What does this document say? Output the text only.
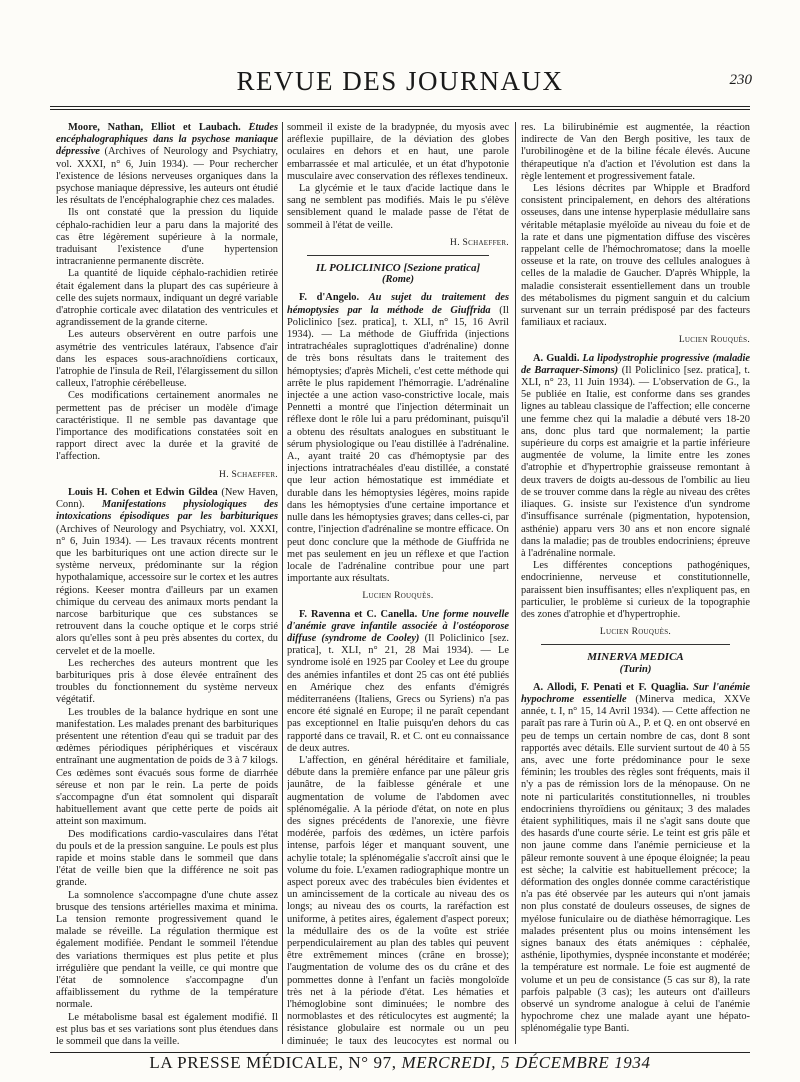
REVUE DES JOURNAUX	230

Moore, Nathan, Elliot et Laubach. Études encéphalographiques dans la psychose maniaque dépressive (Archives of Neurology and Psychiatry, vol. XXXI, n° 6, Juin 1934). — Pour rechercher l'existence de lésions nerveuses organiques dans la psychose maniaque dépressive, les auteurs ont étudié les résultats de l'encéphalographie chez ces malades.

Ils ont constaté que la pression du liquide céphalo-rachidien leur a paru dans la majorité des cas être légèrement supérieure à la normale, traduisant l'existence d'une hypertension intracranienne permanente discrète.

La quantité de liquide céphalo-rachidien retirée était également dans la plupart des cas supérieure à celle des sujets normaux, indiquant un degré variable d'atrophie corticale avec dilatation des ventricules et agrandissement de la grande citerne.

Les auteurs observèrent en outre parfois une asymétrie des ventricules latéraux, l'absence d'air dans les espaces sous-arachnoïdiens corticaux, l'atrophie de l'insula de Reil, l'élargissement du sillon calleux, l'atrophie cérébelleuse.

Ces modifications certainement anormales ne permettent pas de préciser un modèle d'image caractéristique. Il ne semble pas davantage que l'importance des modifications constatées soit en rapport direct avec la durée et la gravité de l'affection.

H. Schaeffer.

Louis H. Cohen et Edwin Gildea (New Haven, Conn). Manifestations physiologiques des intoxications épisodiques par les barbituriques (Archives of Neurology and Psychiatry, vol. XXXI, n° 6, Juin 1934). — Les travaux récents montrent que les barbituriques ont une action directe sur le système nerveux, prédominante sur la région hypothalamique, accessoire sur le cortex et les autres régions. Keeser montra d'ailleurs par un examen chimique du cerveau des animaux morts pendant la narcose barbiturique que ces substances se retrouvent dans la couche optique et le corps strié alors qu'elles sont à peu près absentes du cortex, du cervelet et de la moelle.

Les recherches des auteurs montrent que les barbituriques pris à dose élevée entraînent des troubles du fonctionnement du système nerveux végétatif.

Les troubles de la balance hydrique en sont une manifestation. Les malades prenant des barbituriques présentent une rétention d'eau qui se traduit par des œdèmes périodiques périphériques et viscéraux entraînant une augmentation de poids de 3 à 7 kilogs. Ces œdèmes sont évacués sous forme de diarrhée séreuse et non par le rein. La perte de poids s'accompagne d'un état somnolent qui disparaît habituellement avant que cette perte de poids ait atteint son maximum.

Des modifications cardio-vasculaires dans l'état du pouls et de la pression sanguine. Le pouls est plus rapide et moins stable dans le sommeil que dans l'état de veille bien que la différence ne soit pas grande.

La somnolence s'accompagne d'une chute assez brusque des tensions artérielles maxima et minima. La tension remonte progressivement quand le malade se réveille. La régulation thermique est également modifiée. Pendant le sommeil l'étendue des variations thermiques est plus petite et plus irrégulière que pendant la veille, ce qui montre que l'état de somnolence s'accompagne d'un affaiblissement du rythme de la température normale.

Le métabolisme basal est également modifié. Il est plus bas et ses variations sont plus étendues dans le sommeil que dans la veille.

sommeil il existe de la bradypnée, du myosis avec aréflexie pupillaire, de la déviation des globes oculaires en dehors et en haut, une parole embarrassée et mal articulée, et un état d'hypotonie musculaire avec conservation des réflexes tendineux.

La glycémie et le taux d'acide lactique dans le sang ne semblent pas modifiés. Mais le pu s'élève sensiblement quand le malade passe de l'état de sommeil à l'état de veille.

H. Schaeffer.
IL POLICLINICO [Sezione pratica]
(Rome)

F. d'Angelo. Au sujet du traitement des hémoptysies par la méthode de Giuffrida (Il Policlinico [sez. pratica], t. XLI, n° 15, 16 Avril 1934). — La méthode de Giuffrida (injections intratrachéales supraglottiques d'adrénaline) donne de très bons résultats dans le traitement des hémoptysies; d'après Micheli, c'est cette méthode qui arrête le plus rapidement l'hémorragie. L'adrénaline injectée a une action vaso-constrictive locale, mais Pennetti a montré que l'injection déterminait un réflexe dont le rôle lui a paru prédominant, puisqu'il a obtenu des résultats analogues en substituant le sérum physiologique ou l'eau distillée à l'adrénaline. A., ayant traité 20 cas d'hémoptysie par des injections intratrachéales d'eau distillée, a constaté que leur action hémostatique est immédiate et durable dans les hémoptysies légères, moins rapide dans les hémoptysies d'une certaine importance et nulle dans les hémoptysies graves; dans celles-ci, par contre, l'injection d'adrénaline se montre efficace. On peut donc conclure que la méthode de Giuffrida ne met pas seulement en jeu un réflexe et que l'action locale de l'adrénaline contribue pour une part importante aux résultats.

Lucien Rouquès.

F. Ravenna et C. Canella. Une forme nouvelle d'anémie grave infantile associée à l'ostéoporose diffuse (syndrome de Cooley) (Il Policlinico [sez. pratica], t. XLI, n° 21, 28 Mai 1934). — Le syndrome isolé en 1925 par Cooley et Lee du groupe des anémies infantiles et dont 25 cas ont été publiés en Amérique chez des enfants d'émigrés méditerranéens (Italiens, Grecs ou Syriens) n'a pas encore été signalé en Europe; il ne paraît cependant pas exceptionnel en Italie puisqu'en dehors du cas rapporté dans ce travail, R. et C. ont eu connaissance de deux autres.

L'affection, en général héréditaire et familiale, débute dans la première enfance par une pâleur gris jaunâtre, de la faiblesse générale et une augmentation de volume de l'abdomen avec splénomégalie. A la période d'état, on note en plus des signes précédents de l'anorexie, une fièvre modérée, parfois des œdèmes, un ictère parfois intense, parfois léger et manquant souvent, une achylie totale; la splénomégalie s'accroît ainsi que le volume du foie. L'examen radiographique montre un aspect poreux avec des trabécules bien évidentes et un amincissement de la corticale au niveau des os longs; au niveau des os courts, la raréfaction est uniforme, à petites aires, également d'aspect poreux; la médullaire des os de la voûte est striée perpendiculairement au plan des tables qui peuvent être extrêmement minces (crâne en brosse); l'augmentation de volume des os du crâne et des pommettes donne à l'enfant un faciès mongoloïde très net à la période d'état. Les hématies et l'hémoglobine sont diminuées; le nombre des normoblastes et des réticulocytes est augmenté; la résistance globulaire est normale ou un peu diminuée; le taux des leucocytes est normal ou

res. La bilirubinémie est augmentée, la réaction indirecte de Van den Bergh positive, les taux de l'urobilinogène et de la biline fécale élevés. Aucune thérapeutique n'a d'action et l'évolution est dans la règle lentement et progressivement fatale.

Les lésions décrites par Whipple et Bradford consistent principalement, en dehors des altérations osseuses, dans une intense hyperplasie médullaire sans véritable métaplasie myéloïde au niveau du foie et de la rate et dans une pigmentation diffuse des viscères rappelant celle de l'hémochromatose; dans la moelle osseuse et la rate, on trouve des cellules analogues à celles de la maladie de Gaucher. D'après Whipple, la maladie consisterait essentiellement dans un trouble des métabolismes du pigment sanguin et du calcium survenant sur un terrain prédisposé par des facteurs familiaux et raciaux.

Lucien Rouquès.

A. Gualdi. La lipodystrophie progressive (maladie de Barraquer-Simons) (Il Policlinico [sez. pratica], t. XLI, n° 23, 11 Juin 1934). — L'observation de G., la 5e publiée en Italie, est conforme dans ses grandes lignes au tableau classique de l'affection; elle concerne une femme chez qui la maladie a débuté vers 18-20 ans, donc plus tard que normalement; la partie supérieure du corps est amaigrie et la partie inférieure augmentée de volume, la limite entre les zones d'atrophie et d'hypertrophie graisseuse remontant à deux travers de doigts au-dessous de l'ombilic au lieu de se trouver comme dans la règle au niveau des crêtes iliaques. G. insiste sur l'existence d'un syndrome d'insuffisance surrénale (pigmentation, hypotension, asthénie) apparu vers 30 ans et non encore signalé dans la maladie; pas de troubles endocriniens; épreuve à l'adrénaline normale.

Les différentes conceptions pathogéniques, endocrinienne, nerveuse et constitutionnelle, paraissent bien insuffisantes; elles n'expliquent pas, en particulier, le problème si curieux de la topographie des zones d'atrophie et d'hypertrophie.

Lucien Rouquès.
MINERVA MEDICA
(Turin)

A. Allodi, F. Penati et F. Quaglia. Sur l'anémie hypochrome essentielle (Minerva medica, XXVe année, t. I, n° 15, 14 Avril 1934). — Cette affection ne paraît pas rare à Turin où A., P. et Q. en ont observé en peu de temps un certain nombre de cas, dont 8 sont rapportés avec détails. Elle survient surtout de 40 à 55 ans, avec une forte prédominance pour le sexe féminin; les troubles des règles sont fréquents, mais il n'y a pas de rémission lors de la ménopause. On ne note ni particularités constitutionnelles, ni troubles endocriniens thyroïdiens ou génitaux; 3 des malades étaient syphilitiques, mais il ne s'agit sans doute que des hasards d'une courte série. Le teint est gris pâle et non jaune comme dans l'anémie pernicieuse et la pâleur remonte souvent à une époque éloignée; la peau est sèche; la calvitie est habituellement précoce; la déformation des ongles donnée comme caractéristique n'a pas été observée par les auteurs qui n'ont jamais non plus constaté de douleurs osseuses, de signes de myélose funiculaire ou de diathèse hémorragique. Les malades présentent plus ou moins intensément les signes banaux des états anémiques : céphalée, asthénie, lipothymies, dyspnée inconstante et modérée; la température est normale. Le foie est augmenté de volume et un peu de consistance (5 cas sur 8), la rate parfois palpable (3 cas); les auteurs ont d'ailleurs observé un syndrome analogue à celui de l'anémie hypochrome chez une malade ayant une hépato-splénomégalie type Banti.

LA PRESSE MÉDICALE, N° 97, MERCREDI, 5 DÉCEMBRE 1934
